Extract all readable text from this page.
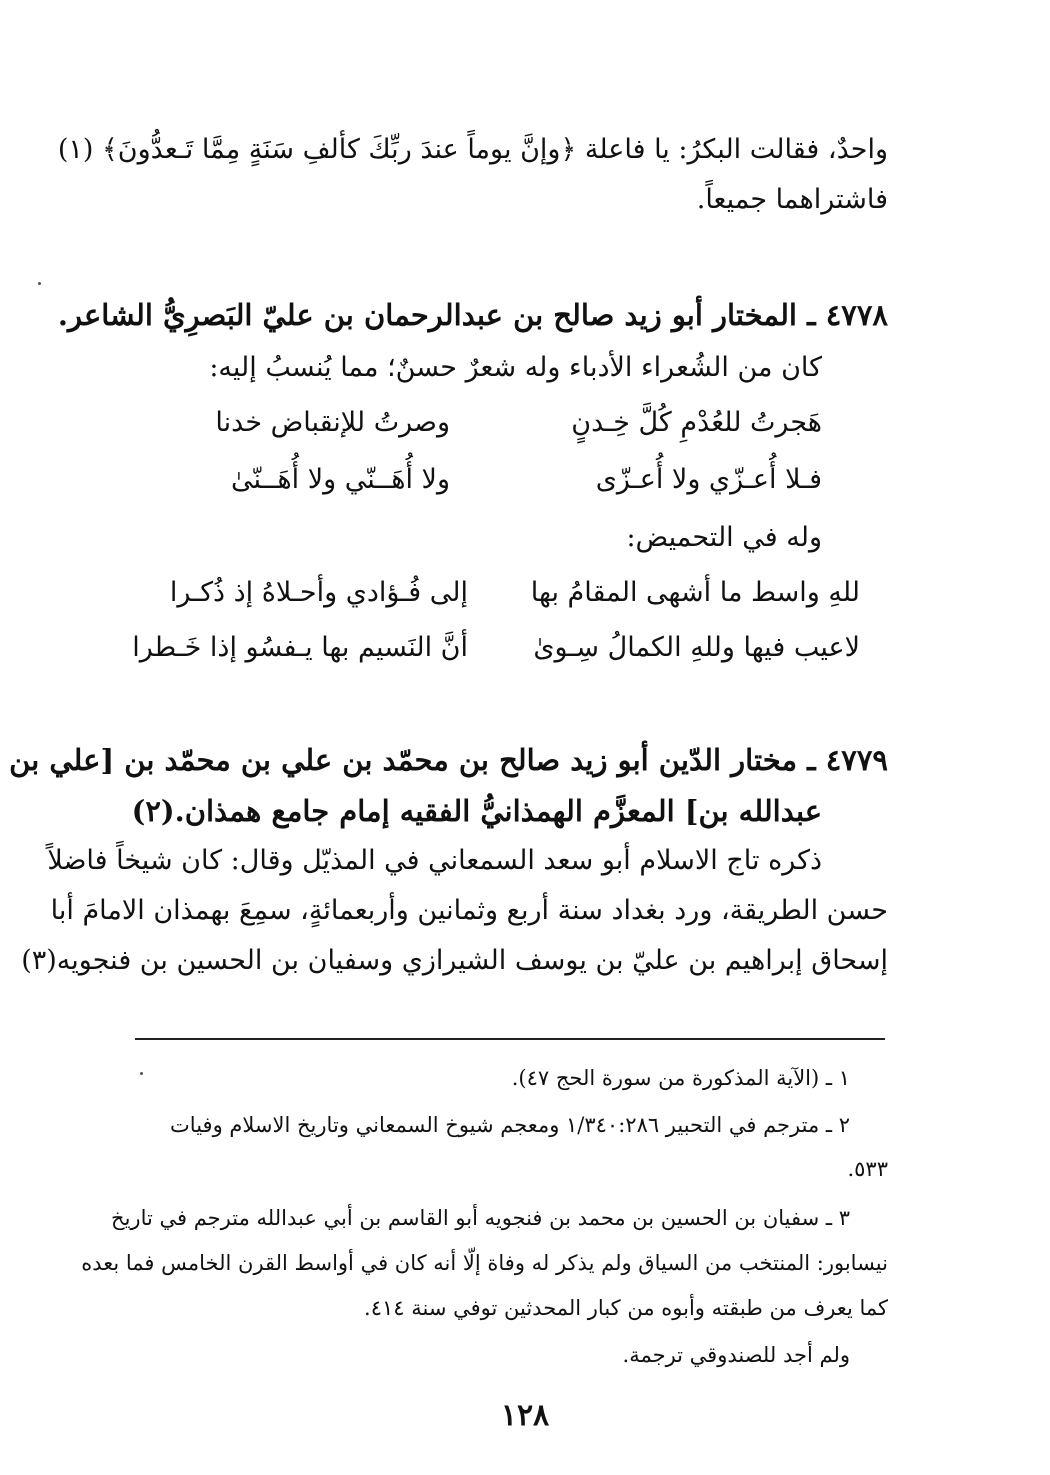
واحدٌ، فقالت البكرُ: يا فاعلة ﴿وإنَّ يوماً عندَ ربِّكَ كألفِ سَنَةٍ مِمَّا تَـعدُّونَ﴾ (١)
فاشتراهما جميعاً.
٤٧٧٨ ـ المختار أبو زيد صالح بن عبدالرحمان بن عليّ البَصرِيُّ الشاعر.
كان من الشُعراء الأدباء وله شعرٌ حسنٌ؛ مما يُنسبُ إليه:
هَجرتُ للعُدْمِ كُلَّ خِـدنٍ
وصرتُ للإنقباض خدنا
فـلا أُعـزّي ولا أُعـزّى
ولا أُهَــنّي ولا أُهَــنّىٰ
وله في التحميض:
للهِ واسط ما أشهى المقامُ بها
إلى فُـؤادي وأحـلاهُ إذ ذُكـرا
لاعيب فيها وللهِ الكمالُ سِـوىٰ
أنَّ النَسيم بها يـفسُو إذا خَـطرا
٤٧٧٩ ـ مختار الدّين أبو زيد صالح بن محمّد بن علي بن محمّد بن [علي بن
عبدالله بن] المعزَّم الهمذانيُّ الفقيه إمام جامع همذان.(٢)
ذكره تاج الاسلام أبو سعد السمعاني في المذيّل وقال: كان شيخاً فاضلاً
حسن الطريقة، ورد بغداد سنة أربع وثمانين وأربعمائةٍ، سمِعَ بهمذان الامامَ أبا
إسحاق إبراهيم بن عليّ بن يوسف الشيرازي وسفيان بن الحسين بن فنجويه(٣)
١ ـ (الآية المذكورة من سورة الحج ٤٧).
٢ ـ مترجم في التحبير ١/٣٤٠:٢٨٦ ومعجم شيوخ السمعاني وتاريخ الاسلام وفيات
٥٣٣.
٣ ـ سفيان بن الحسين بن محمد بن فنجويه أبو القاسم بن أبي عبدالله مترجم في تاريخ
نيسابور: المنتخب من السياق ولم يذكر له وفاة إلّا أنه كان في أواسط القرن الخامس فما بعده
كما يعرف من طبقته وأبوه من كبار المحدثين توفي سنة ٤١٤.
ولم أجد للصندوقي ترجمة.
١٢٨
